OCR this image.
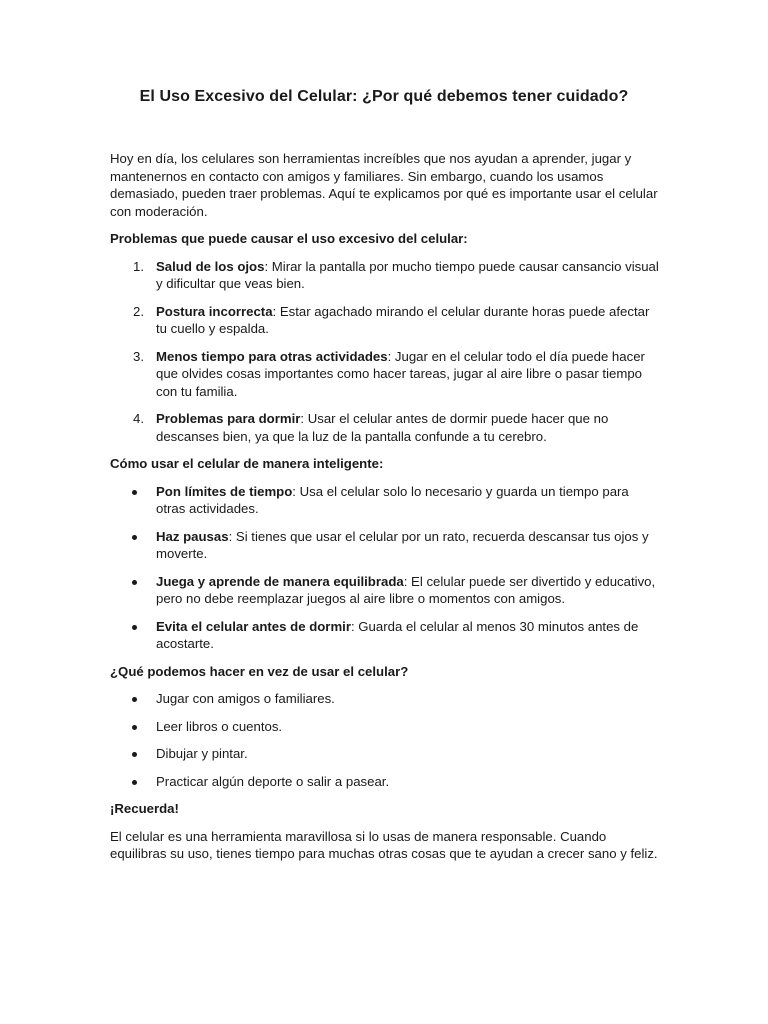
El Uso Excesivo del Celular: ¿Por qué debemos tener cuidado?

Hoy en día, los celulares son herramientas increíbles que nos ayudan a aprender, jugar y mantenernos en contacto con amigos y familiares. Sin embargo, cuando los usamos demasiado, pueden traer problemas. Aquí te explicamos por qué es importante usar el celular con moderación.

Problemas que puede causar el uso excesivo del celular:

1. Salud de los ojos: Mirar la pantalla por mucho tiempo puede causar cansancio visual y dificultar que veas bien.
2. Postura incorrecta: Estar agachado mirando el celular durante horas puede afectar tu cuello y espalda.
3. Menos tiempo para otras actividades: Jugar en el celular todo el día puede hacer que olvides cosas importantes como hacer tareas, jugar al aire libre o pasar tiempo con tu familia.
4. Problemas para dormir: Usar el celular antes de dormir puede hacer que no descanses bien, ya que la luz de la pantalla confunde a tu cerebro.

Cómo usar el celular de manera inteligente:

Pon límites de tiempo: Usa el celular solo lo necesario y guarda un tiempo para otras actividades.
Haz pausas: Si tienes que usar el celular por un rato, recuerda descansar tus ojos y moverte.
Juega y aprende de manera equilibrada: El celular puede ser divertido y educativo, pero no debe reemplazar juegos al aire libre o momentos con amigos.
Evita el celular antes de dormir: Guarda el celular al menos 30 minutos antes de acostarte.

¿Qué podemos hacer en vez de usar el celular?

Jugar con amigos o familiares.
Leer libros o cuentos.
Dibujar y pintar.
Practicar algún deporte o salir a pasear.

¡Recuerda!

El celular es una herramienta maravillosa si lo usas de manera responsable. Cuando equilibras su uso, tienes tiempo para muchas otras cosas que te ayudan a crecer sano y feliz.
